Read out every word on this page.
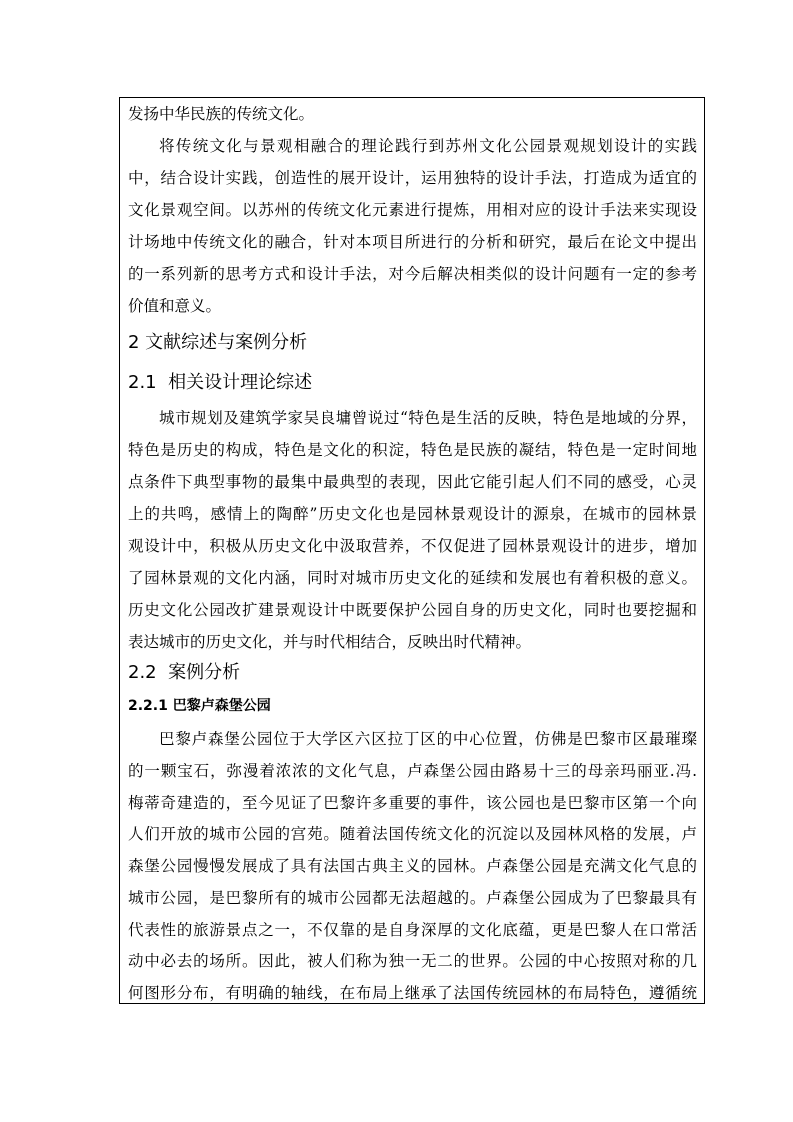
发扬中华民族的传统文化。
将传统文化与景观相融合的理论践行到苏州文化公园景观规划设计的实践
中，结合设计实践，创造性的展开设计，运用独特的设计手法，打造成为适宜的
文化景观空间。以苏州的传统文化元素进行提炼，用相对应的设计手法来实现设
计场地中传统文化的融合，针对本项目所进行的分析和研究，最后在论文中提出
的一系列新的思考方式和设计手法，对今后解决相类似的设计问题有一定的参考
价值和意义。
2 文献综述与案例分析
2.1  相关设计理论综述
城市规划及建筑学家吴良墉曾说过“特色是生活的反映，特色是地域的分界，
特色是历史的构成，特色是文化的积淀，特色是民族的凝结，特色是一定时间地
点条件下典型事物的最集中最典型的表现，因此它能引起人们不同的感受，心灵
上的共鸣，感情上的陶醉”历史文化也是园林景观设计的源泉，在城市的园林景
观设计中，积极从历史文化中汲取营养，不仅促进了园林景观设计的进步，增加
了园林景观的文化内涵，同时对城市历史文化的延续和发展也有着积极的意义。
历史文化公园改扩建景观设计中既要保护公园自身的历史文化，同时也要挖掘和
表达城市的历史文化，并与时代相结合，反映出时代精神。
2.2  案例分析
2.2.1 巴黎卢森堡公园
巴黎卢森堡公园位于大学区六区拉丁区的中心位置，仿佛是巴黎市区最璀璨
的一颗宝石，弥漫着浓浓的文化气息，卢森堡公园由路易十三的母亲玛丽亚.冯.
梅蒂奇建造的，至今见证了巴黎许多重要的事件，该公园也是巴黎市区第一个向
人们开放的城市公园的宫苑。随着法国传统文化的沉淀以及园林风格的发展，卢
森堡公园慢慢发展成了具有法国古典主义的园林。卢森堡公园是充满文化气息的
城市公园，是巴黎所有的城市公园都无法超越的。卢森堡公园成为了巴黎最具有
代表性的旅游景点之一，不仅靠的是自身深厚的文化底蕴，更是巴黎人在口常活
动中必去的场所。因此，被人们称为独一无二的世界。公园的中心按照对称的几
何图形分布，有明确的轴线，在布局上继承了法国传统园林的布局特色，遵循统
